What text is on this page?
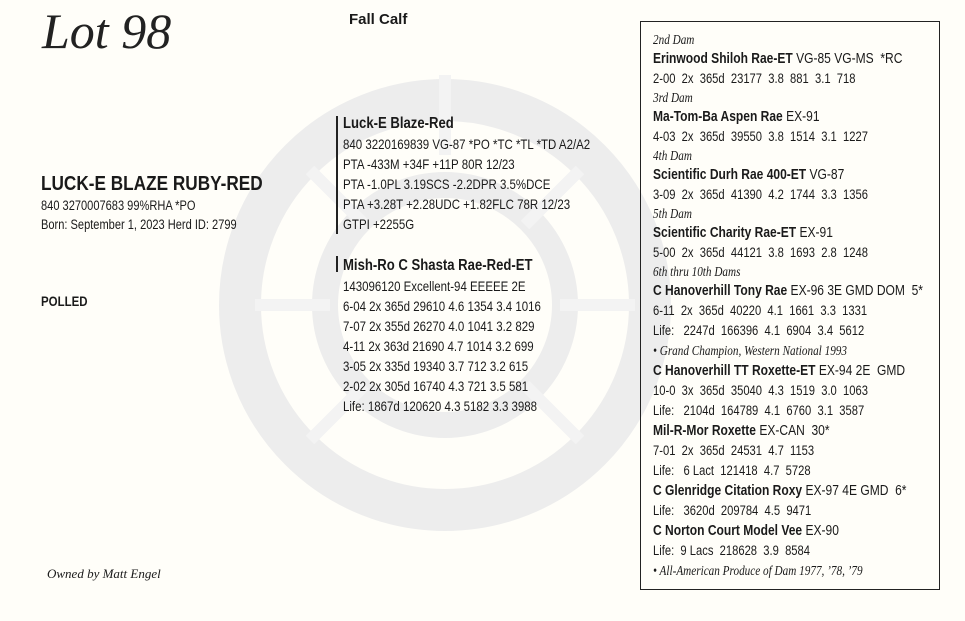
Lot 98	Fall Calf
LUCK-E BLAZE RUBY-RED
840 3270007683 99%RHA *PO
Born: September 1, 2023 Herd ID: 2799
POLLED
Owned by Matt Engel
Luck-E Blaze-Red
840 3220169839 VG-87 *PO *TC *TL *TD A2/A2
PTA -433M +34F +11P 80R 12/23
PTA -1.0PL 3.19SCS -2.2DPR 3.5%DCE
PTA +3.28T +2.28UDC +1.82FLC 78R 12/23
GTPI +2255G
Mish-Ro C Shasta Rae-Red-ET
143096120 Excellent-94 EEEEE 2E
6-04 2x 365d 29610 4.6 1354 3.4 1016
7-07 2x 355d 26270 4.0 1041 3.2 829
4-11 2x 363d 21690 4.7 1014 3.2 699
3-05 2x 335d 19340 3.7 712 3.2 615
2-02 2x 305d 16740 4.3 721 3.5 581
Life: 1867d 120620 4.3 5182 3.3 3988
2nd Dam
Erinwood Shiloh Rae-ET VG-85 VG-MS  *RC
2-00  2x  365d  23177  3.8  881  3.1  718
3rd Dam
Ma-Tom-Ba Aspen Rae EX-91
4-03  2x  365d  39550  3.8  1514  3.1  1227
4th Dam
Scientific Durh Rae 400-ET VG-87
3-09  2x  365d  41390  4.2  1744  3.3  1356
5th Dam
Scientific Charity Rae-ET EX-91
5-00  2x  365d  44121  3.8  1693  2.8  1248
6th thru 10th Dams
C Hanoverhill Tony Rae EX-96 3E GMD DOM  5*
6-11  2x  365d  40220  4.1  1661  3.3  1331
Life:   2247d  166396  4.1  6904  3.4  5612
• Grand Champion, Western National 1993
C Hanoverhill TT Roxette-ET EX-94 2E  GMD
10-0  3x  365d  35040  4.3  1519  3.0  1063
Life:   2104d  164789  4.1  6760  3.1  3587
Mil-R-Mor Roxette EX-CAN  30*
7-01  2x  365d  24531  4.7  1153
Life:   6 Lact  121418  4.7  5728
C Glenridge Citation Roxy EX-97 4E GMD  6*
Life:   3620d  209784  4.5  9471
C Norton Court Model Vee EX-90
Life:  9 Lacs  218628  3.9  8584
• All-American Produce of Dam 1977, ’78, ’79
